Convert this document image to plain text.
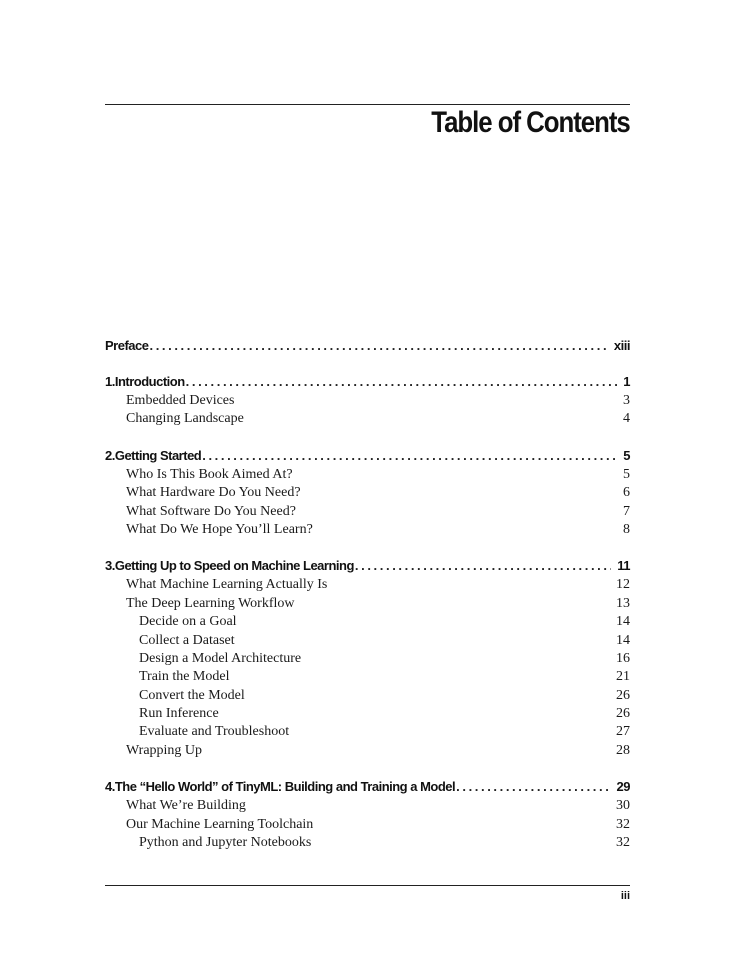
Table of Contents
Preface .....	xiii
1. Introduction .....	1
Embedded Devices	3
Changing Landscape	4
2. Getting Started .....	5
Who Is This Book Aimed At?	5
What Hardware Do You Need?	6
What Software Do You Need?	7
What Do We Hope You’ll Learn?	8
3. Getting Up to Speed on Machine Learning .....	11
What Machine Learning Actually Is	12
The Deep Learning Workflow	13
Decide on a Goal	14
Collect a Dataset	14
Design a Model Architecture	16
Train the Model	21
Convert the Model	26
Run Inference	26
Evaluate and Troubleshoot	27
Wrapping Up	28
4. The “Hello World” of TinyML: Building and Training a Model .....	29
What We’re Building	30
Our Machine Learning Toolchain	32
Python and Jupyter Notebooks	32
iii
